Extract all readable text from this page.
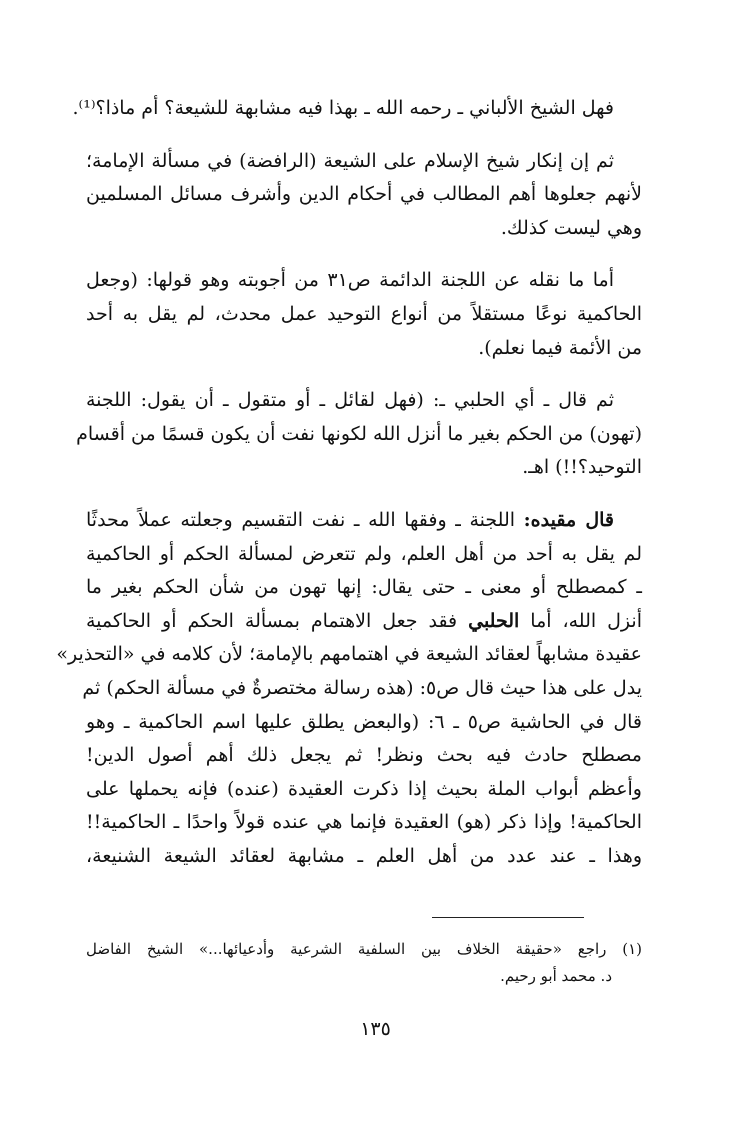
فهل الشيخ الألباني ـ رحمه الله ـ بهذا فيه مشابهة للشيعة؟ أم ماذا؟⁽¹⁾.
ثم إن إنكار شيخ الإسلام على الشيعة (الرافضة) في مسألة الإمامة؛
لأنهم جعلوها أهم المطالب في أحكام الدين وأشرف مسائل المسلمين
وهي ليست كذلك.
أما ما نقله عن اللجنة الدائمة ص٣١ من أجوبته وهو قولها: (وجعل
الحاكمية نوعًا مستقلاً من أنواع التوحيد عمل محدث، لم يقل به أحد
من الأئمة فيما نعلم).
ثم قال ـ أي الحلبي ـ: (فهل لقائل ـ أو متقول ـ أن يقول: اللجنة
(تهون) من الحكم بغير ما أنزل الله لكونها نفت أن يكون قسمًا من أقسام
التوحيد؟!!) اهـ.
قال مقيده: اللجنة ـ وفقها الله ـ نفت التقسيم وجعلته عملاً محدثًا
لم يقل به أحد من أهل العلم، ولم تتعرض لمسألة الحكم أو الحاكمية
ـ كمصطلح أو معنى ـ حتى يقال: إنها تهون من شأن الحكم بغير ما
أنزل الله، أما الحلبي فقد جعل الاهتمام بمسألة الحكم أو الحاكمية
عقيدة مشابهاً لعقائد الشيعة في اهتمامهم بالإمامة؛ لأن كلامه في «التحذير»
يدل على هذا حيث قال ص٥: (هذه رسالة مختصرةٌ في مسألة الحكم) ثم
قال في الحاشية ص٥ ـ ٦: (والبعض يطلق عليها اسم الحاكمية ـ وهو
مصطلح حادث فيه بحث ونظر! ثم يجعل ذلك أهم أصول الدين!
وأعظم أبواب الملة بحيث إذا ذكرت العقيدة (عنده) فإنه يحملها على
الحاكمية! وإذا ذكر (هو) العقيدة فإنما هي عنده قولاً واحدًا ـ الحاكمية!!
وهذا ـ عند عدد من أهل العلم ـ مشابهة لعقائد الشيعة الشنيعة،
(١) راجع «حقيقة الخلاف بين السلفية الشرعية وأدعيائها...» الشيخ الفاضل
د. محمد أبو رحيم.
١٣٥
